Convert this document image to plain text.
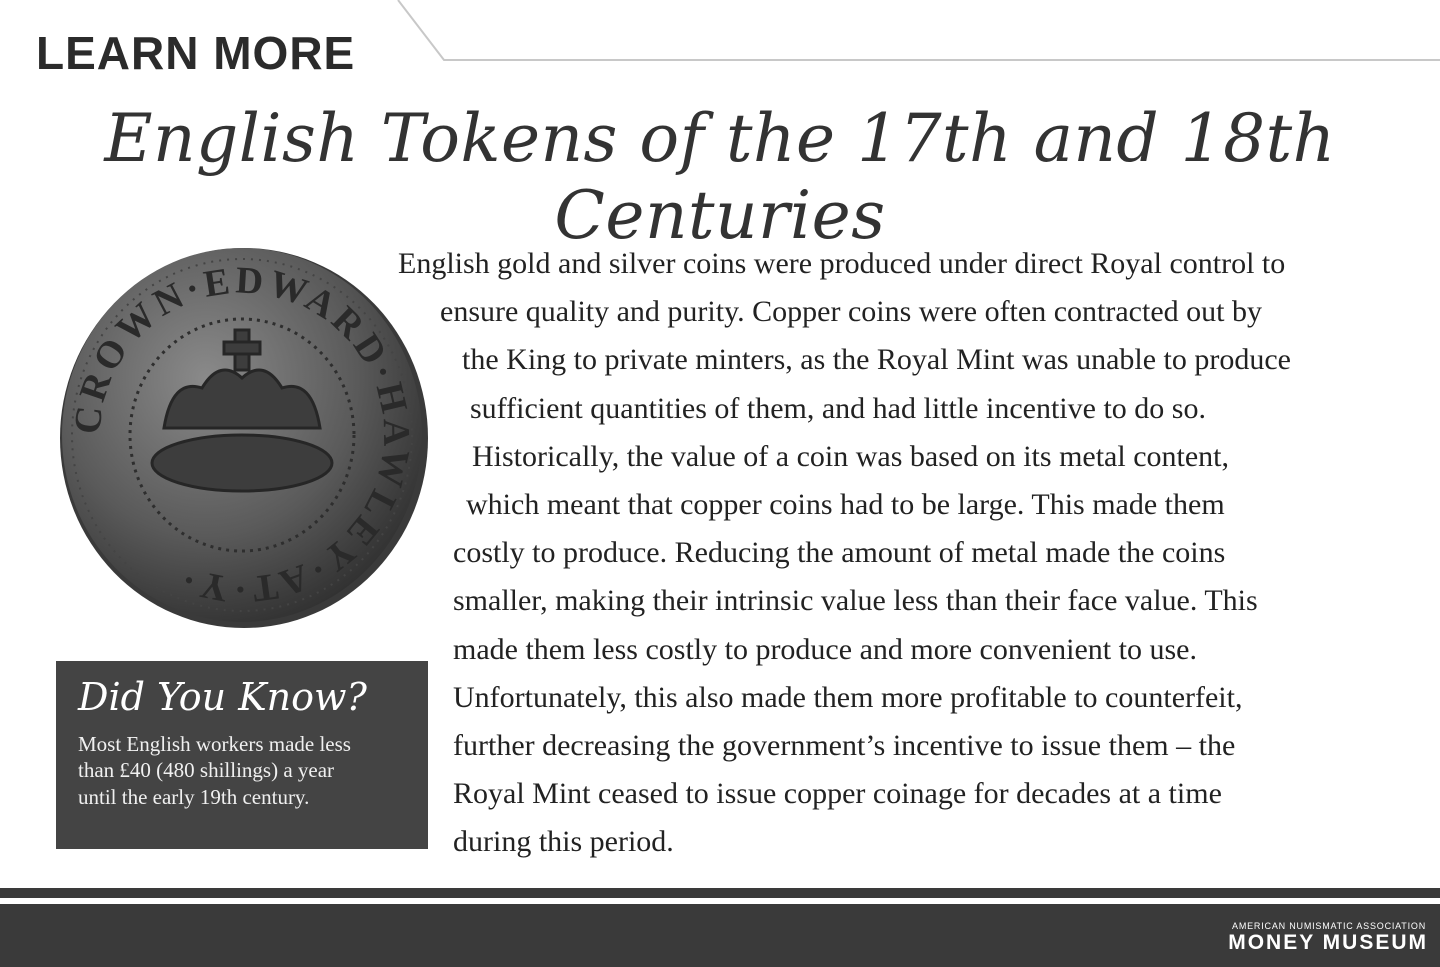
LEARN MORE
English Tokens of the 17th and 18th Centuries
CROWN·EDWARD·HAWLEY·AT·Y·
Did You Know?
Most English workers made less
than £40 (480 shillings) a year
until the early 19th century.
English gold and silver coins were produced under direct Royal control to
ensure quality and purity. Copper coins were often contracted out by
the King to private minters, as the Royal Mint was unable to produce
sufficient quantities of them, and had little incentive to do so.
Historically, the value of a coin was based on its metal content,
which meant that copper coins had to be large. This made them
costly to produce. Reducing the amount of metal made the coins
smaller, making their intrinsic value less than their face value. This
made them less costly to produce and more convenient to use.
Unfortunately, this also made them more profitable to counterfeit,
further decreasing the government’s incentive to issue them – the
Royal Mint ceased to issue copper coinage for decades at a time
during this period.
AMERICAN NUMISMATIC ASSOCIATION
MONEY MUSEUM
